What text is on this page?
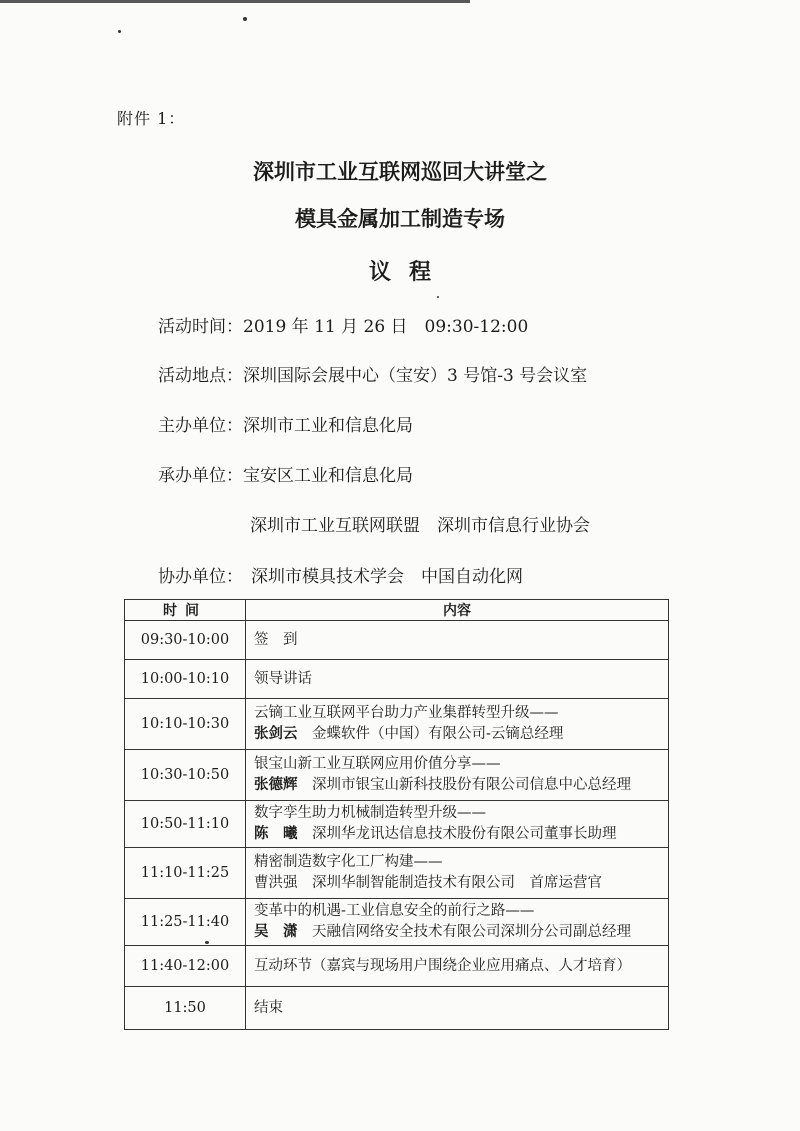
附件 1：
深圳市工业互联网巡回大讲堂之
模具金属加工制造专场
议程
活动时间：2019 年 11 月 26 日　09:30-12:00
活动地点：深圳国际会展中心（宝安）3 号馆-3 号会议室
主办单位：深圳市工业和信息化局
承办单位：宝安区工业和信息化局
深圳市工业互联网联盟　深圳市信息行业协会
协办单位： 深圳市模具技术学会　中国自动化网
时间	内容
09:30-10:00	签　到
10:00-10:10	领导讲话
10:10-10:30	云镝工业互联网平台助力产业集群转型升级——
张剑云　 金蝶软件（中国）有限公司-云镝总经理

10:30-10:50	银宝山新工业互联网应用价值分享——
张德辉　 深圳市银宝山新科技股份有限公司信息中心总经理

10:50-11:10	数字孪生助力机械制造转型升级——
陈　曦　 深圳华龙讯达信息技术股份有限公司董事长助理

11:10-11:25	精密制造数字化工厂构建——
曹洪强　 深圳华制智能制造技术有限公司　首席运营官

11:25-11:40	变革中的机遇-工业信息安全的前行之路——
吴　潇　 天融信网络安全技术有限公司深圳分公司副总经理

11:40-12:00	互动环节（嘉宾与现场用户围绕企业应用痛点、人才培育）
11:50	结束
